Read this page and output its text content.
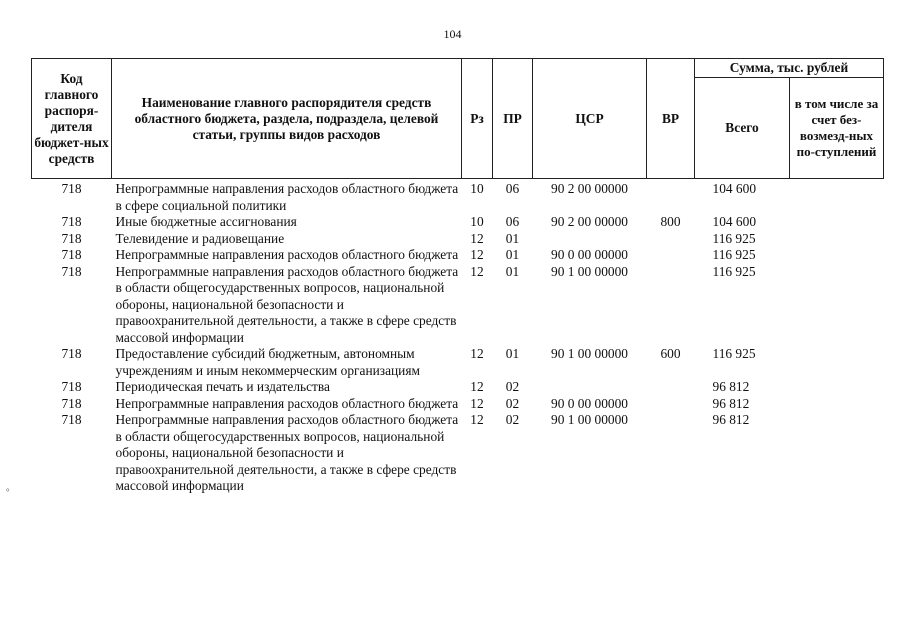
104
°
Код главного распоря-дителя бюджет-ных средств	Наименование главного распорядителя средств областного бюджета, раздела, подраздела, целевой статьи, группы видов расходов	Рз	ПР	ЦСР	ВР	Сумма, тыс. рублей	
						Всего	в том числе за счет без-возмезд-ных по-ступлений
718	Непрограммные направления расходов областного бюджета в сфере социальной политики	10	06	90 2 00 00000		104 600	
718	Иные бюджетные ассигнования	10	06	90 2 00 00000	800	104 600	
718	Телевидение и радиовещание	12	01			116 925	
718	Непрограммные направления расходов областного бюджета	12	01	90 0 00 00000		116 925	
718	Непрограммные направления расходов областного бюджета в области общегосударственных вопросов, национальной обороны, национальной безопасности и правоохранительной деятельности, а также в сфере средств массовой информации	12	01	90 1 00 00000		116 925	
718	Предоставление субсидий бюджетным, автономным учреждениям и иным некоммерческим организациям	12	01	90 1 00 00000	600	116 925	
718	Периодическая печать и издательства	12	02			96 812	
718	Непрограммные направления расходов областного бюджета	12	02	90 0 00 00000		96 812	
718	Непрограммные направления расходов областного бюджета в области общегосударственных вопросов, национальной обороны, национальной безопасности и правоохранительной деятельности, а также в сфере средств массовой информации	12	02	90 1 00 00000		96 812	
